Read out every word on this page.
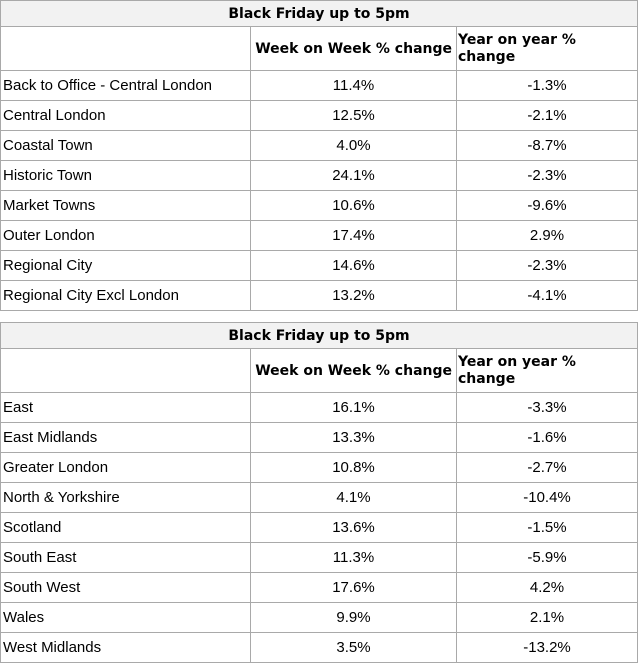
Black Friday up to 5pm		
	Week on Week % change	Year on year % change
Back to Office - Central London	11.4%	-1.3%
Central London	12.5%	-2.1%
Coastal Town	4.0%	-8.7%
Historic Town	24.1%	-2.3%
Market Towns	10.6%	-9.6%
Outer London	17.4%	2.9%
Regional City	14.6%	-2.3%
Regional City Excl London	13.2%	-4.1%
Black Friday up to 5pm		
	Week on Week % change	Year on year % change
East	16.1%	-3.3%
East Midlands	13.3%	-1.6%
Greater London	10.8%	-2.7%
North & Yorkshire	4.1%	-10.4%
Scotland	13.6%	-1.5%
South East	11.3%	-5.9%
South West	17.6%	4.2%
Wales	9.9%	2.1%
West Midlands	3.5%	-13.2%
